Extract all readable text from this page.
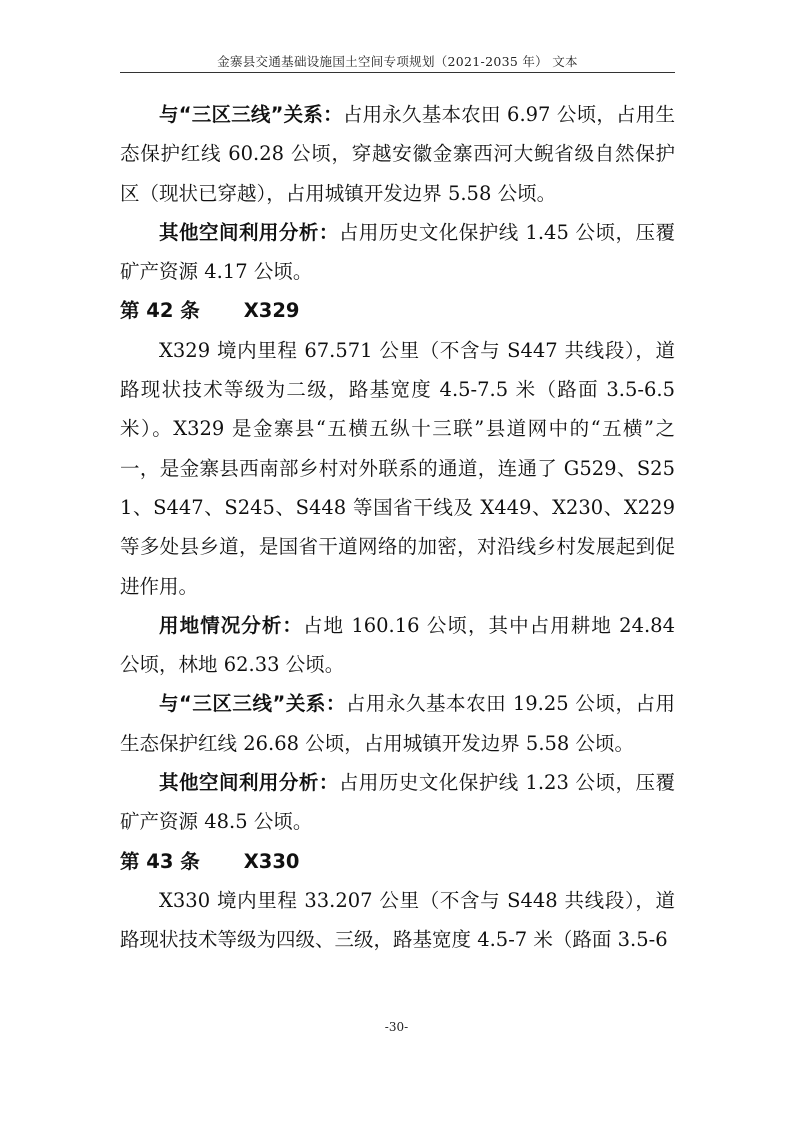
金寨县交通基础设施国土空间专项规划（2021-2035 年） 文本

与“三区三线”关系：占用永久基本农田 6.97 公顷，占用生态保护红线 60.28 公顷，穿越安徽金寨西河大鲵省级自然保护区（现状已穿越），占用城镇开发边界 5.58 公顷。

其他空间利用分析：占用历史文化保护线 1.45 公顷，压覆矿产资源 4.17 公顷。

第 42 条 X329

X329 境内里程 67.571 公里（不含与 S447 共线段），道路现状技术等级为二级，路基宽度 4.5-7.5 米（路面 3.5-6.5 米）。X329 是金寨县“五横五纵十三联”县道网中的“五横”之一，是金寨县西南部乡村对外联系的通道，连通了 G529、S251、S447、S245、S448 等国省干线及 X449、X230、X229 等多处县乡道，是国省干道网络的加密，对沿线乡村发展起到促进作用。

用地情况分析：占地 160.16 公顷，其中占用耕地 24.84 公顷，林地 62.33 公顷。

与“三区三线”关系：占用永久基本农田 19.25 公顷，占用生态保护红线 26.68 公顷，占用城镇开发边界 5.58 公顷。

其他空间利用分析：占用历史文化保护线 1.23 公顷，压覆矿产资源 48.5 公顷。

第 43 条 X330

X330 境内里程 33.207 公里（不含与 S448 共线段），道路现状技术等级为四级、三级，路基宽度 4.5-7 米（路面 3.5-6

-30-
